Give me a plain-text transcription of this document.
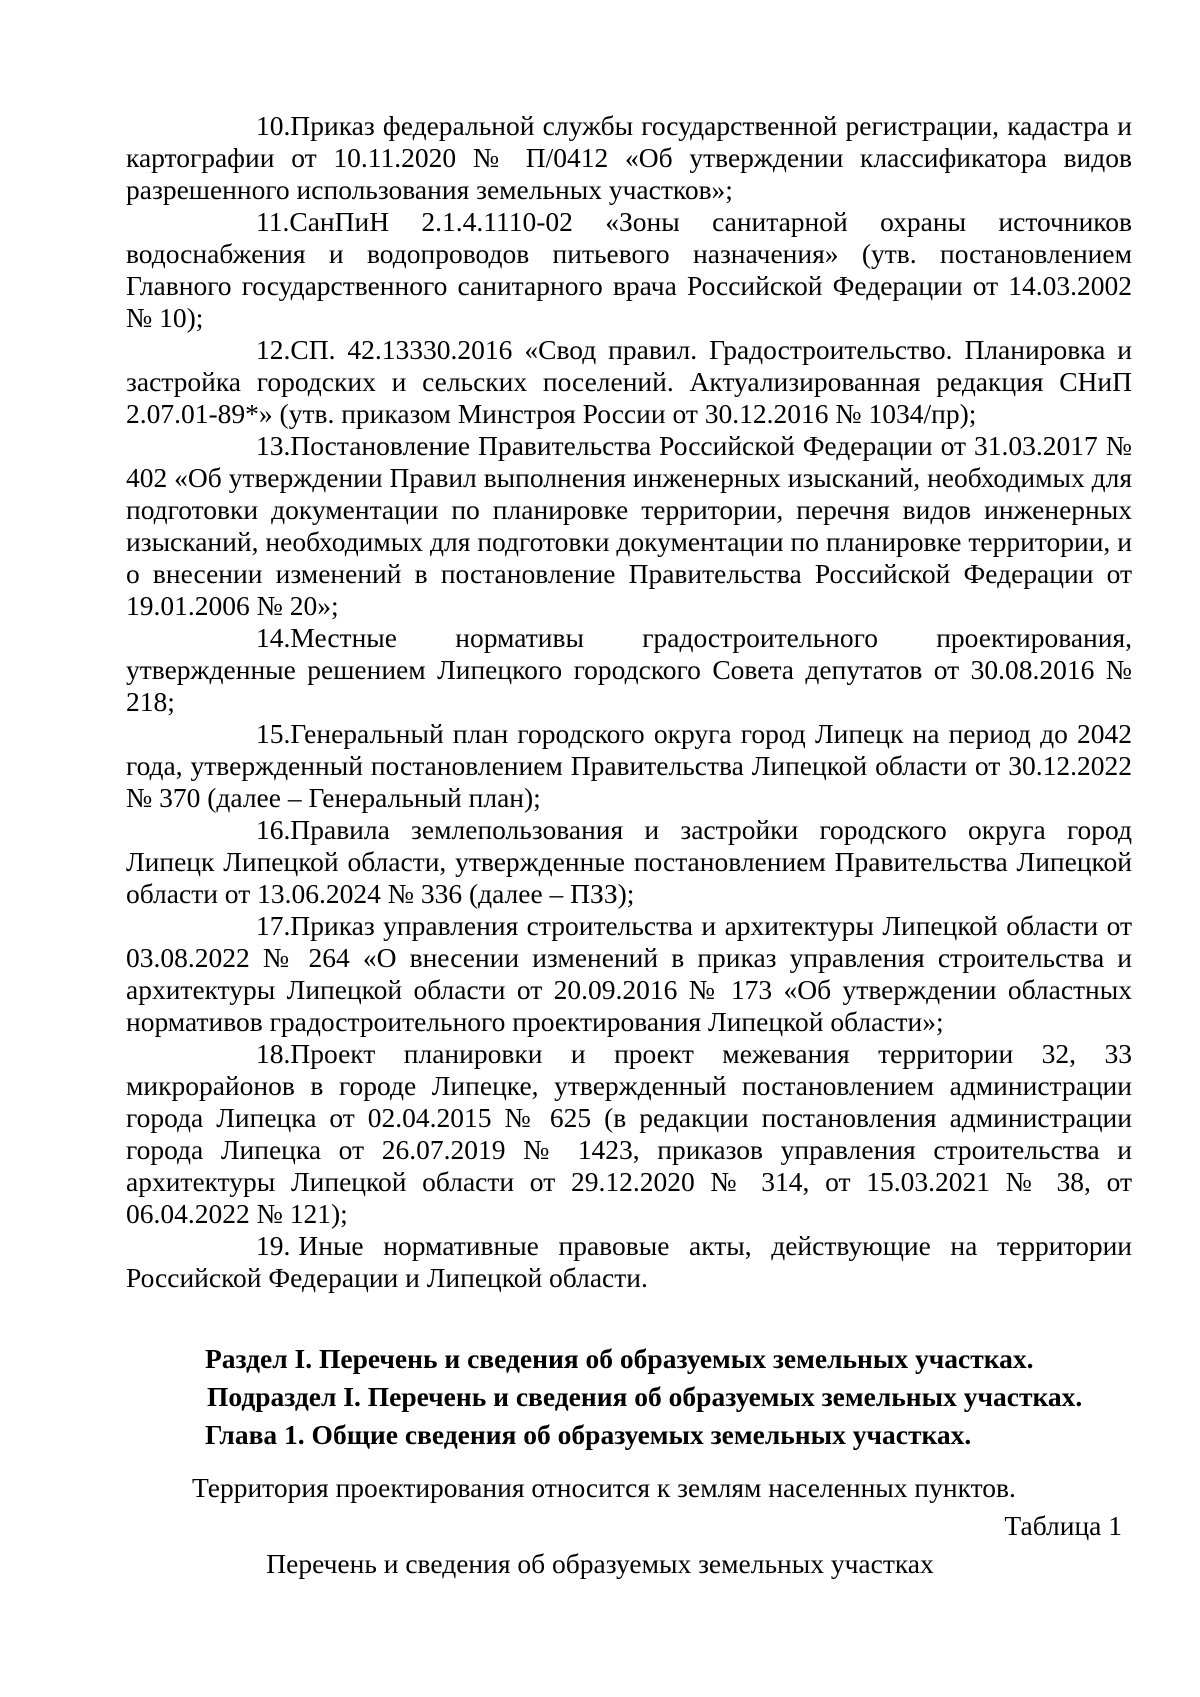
10.Приказ федеральной службы государственной регистрации, кадастра и картографии от 10.11.2020 № П/0412 «Об утверждении классификатора видов разрешенного использования земельных участков»;
11.СанПиН 2.1.4.1110-02 «Зоны санитарной охраны источников водоснабжения и водопроводов питьевого назначения» (утв. постановлением Главного государственного санитарного врача Российской Федерации от 14.03.2002 № 10);
12.СП. 42.13330.2016 «Свод правил. Градостроительство. Планировка и застройка городских и сельских поселений. Актуализированная редакция СНиП 2.07.01-89*» (утв. приказом Минстроя России от 30.12.2016 № 1034/пр);
13.Постановление Правительства Российской Федерации от 31.03.2017 № 402 «Об утверждении Правил выполнения инженерных изысканий, необходимых для подготовки документации по планировке территории, перечня видов инженерных изысканий, необходимых для подготовки документации по планировке территории, и о внесении изменений в постановление Правительства Российской Федерации от 19.01.2006 № 20»;
14.Местные нормативы градостроительного проектирования, утвержденные решением Липецкого городского Совета депутатов от 30.08.2016 № 218;
15.Генеральный план городского округа город Липецк на период до 2042 года, утвержденный постановлением Правительства Липецкой области от 30.12.2022 № 370 (далее – Генеральный план);
16.Правила землепользования и застройки городского округа город Липецк Липецкой области, утвержденные постановлением Правительства Липецкой области от 13.06.2024 № 336 (далее – ПЗЗ);
17.Приказ управления строительства и архитектуры Липецкой области от 03.08.2022 № 264 «О внесении изменений в приказ управления строительства и архитектуры Липецкой области от 20.09.2016 № 173 «Об утверждении областных нормативов градостроительного проектирования Липецкой области»;
18.Проект планировки и проект межевания территории 32, 33 микрорайонов в городе Липецке, утвержденный постановлением администрации города Липецка от 02.04.2015 № 625 (в редакции постановления администрации города Липецка от 26.07.2019 № 1423, приказов управления строительства и архитектуры Липецкой области от 29.12.2020 № 314, от 15.03.2021 № 38, от 06.04.2022 № 121);
19. Иные нормативные правовые акты, действующие на территории Российской Федерации и Липецкой области.
Раздел I. Перечень и сведения об образуемых земельных участках.
Подраздел I. Перечень и сведения об образуемых земельных участках.
Глава 1. Общие сведения об образуемых земельных участках.
Территория проектирования относится к землям населенных пунктов.
Таблица 1
Перечень и сведения об образуемых земельных участках
